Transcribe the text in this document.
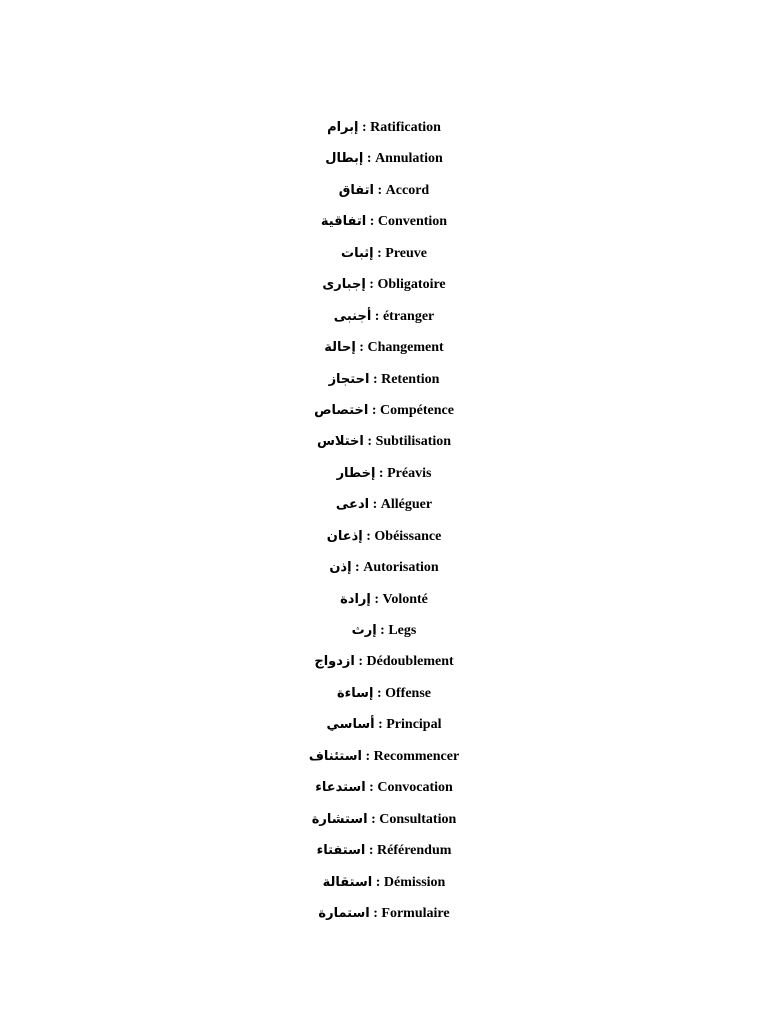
إبرام : Ratification
إبطال : Annulation
اتفاق : Accord
اتفاقية : Convention
إثبات : Preuve
إجبارى : Obligatoire
أجنبى : étranger
إحالة : Changement
احتجاز : Retention
اختصاص : Compétence
اختلاس : Subtilisation
إخطار : Préavis
ادعى : Alléguer
إذعان : Obéissance
إذن : Autorisation
إرادة : Volonté
إرث : Legs
ازدواج : Dédoublement
إساءة : Offense
أساسي : Principal
استئناف : Recommencer
استدعاء : Convocation
استشارة : Consultation
استفتاء : Référendum
استقالة : Démission
استمارة : Formulaire
